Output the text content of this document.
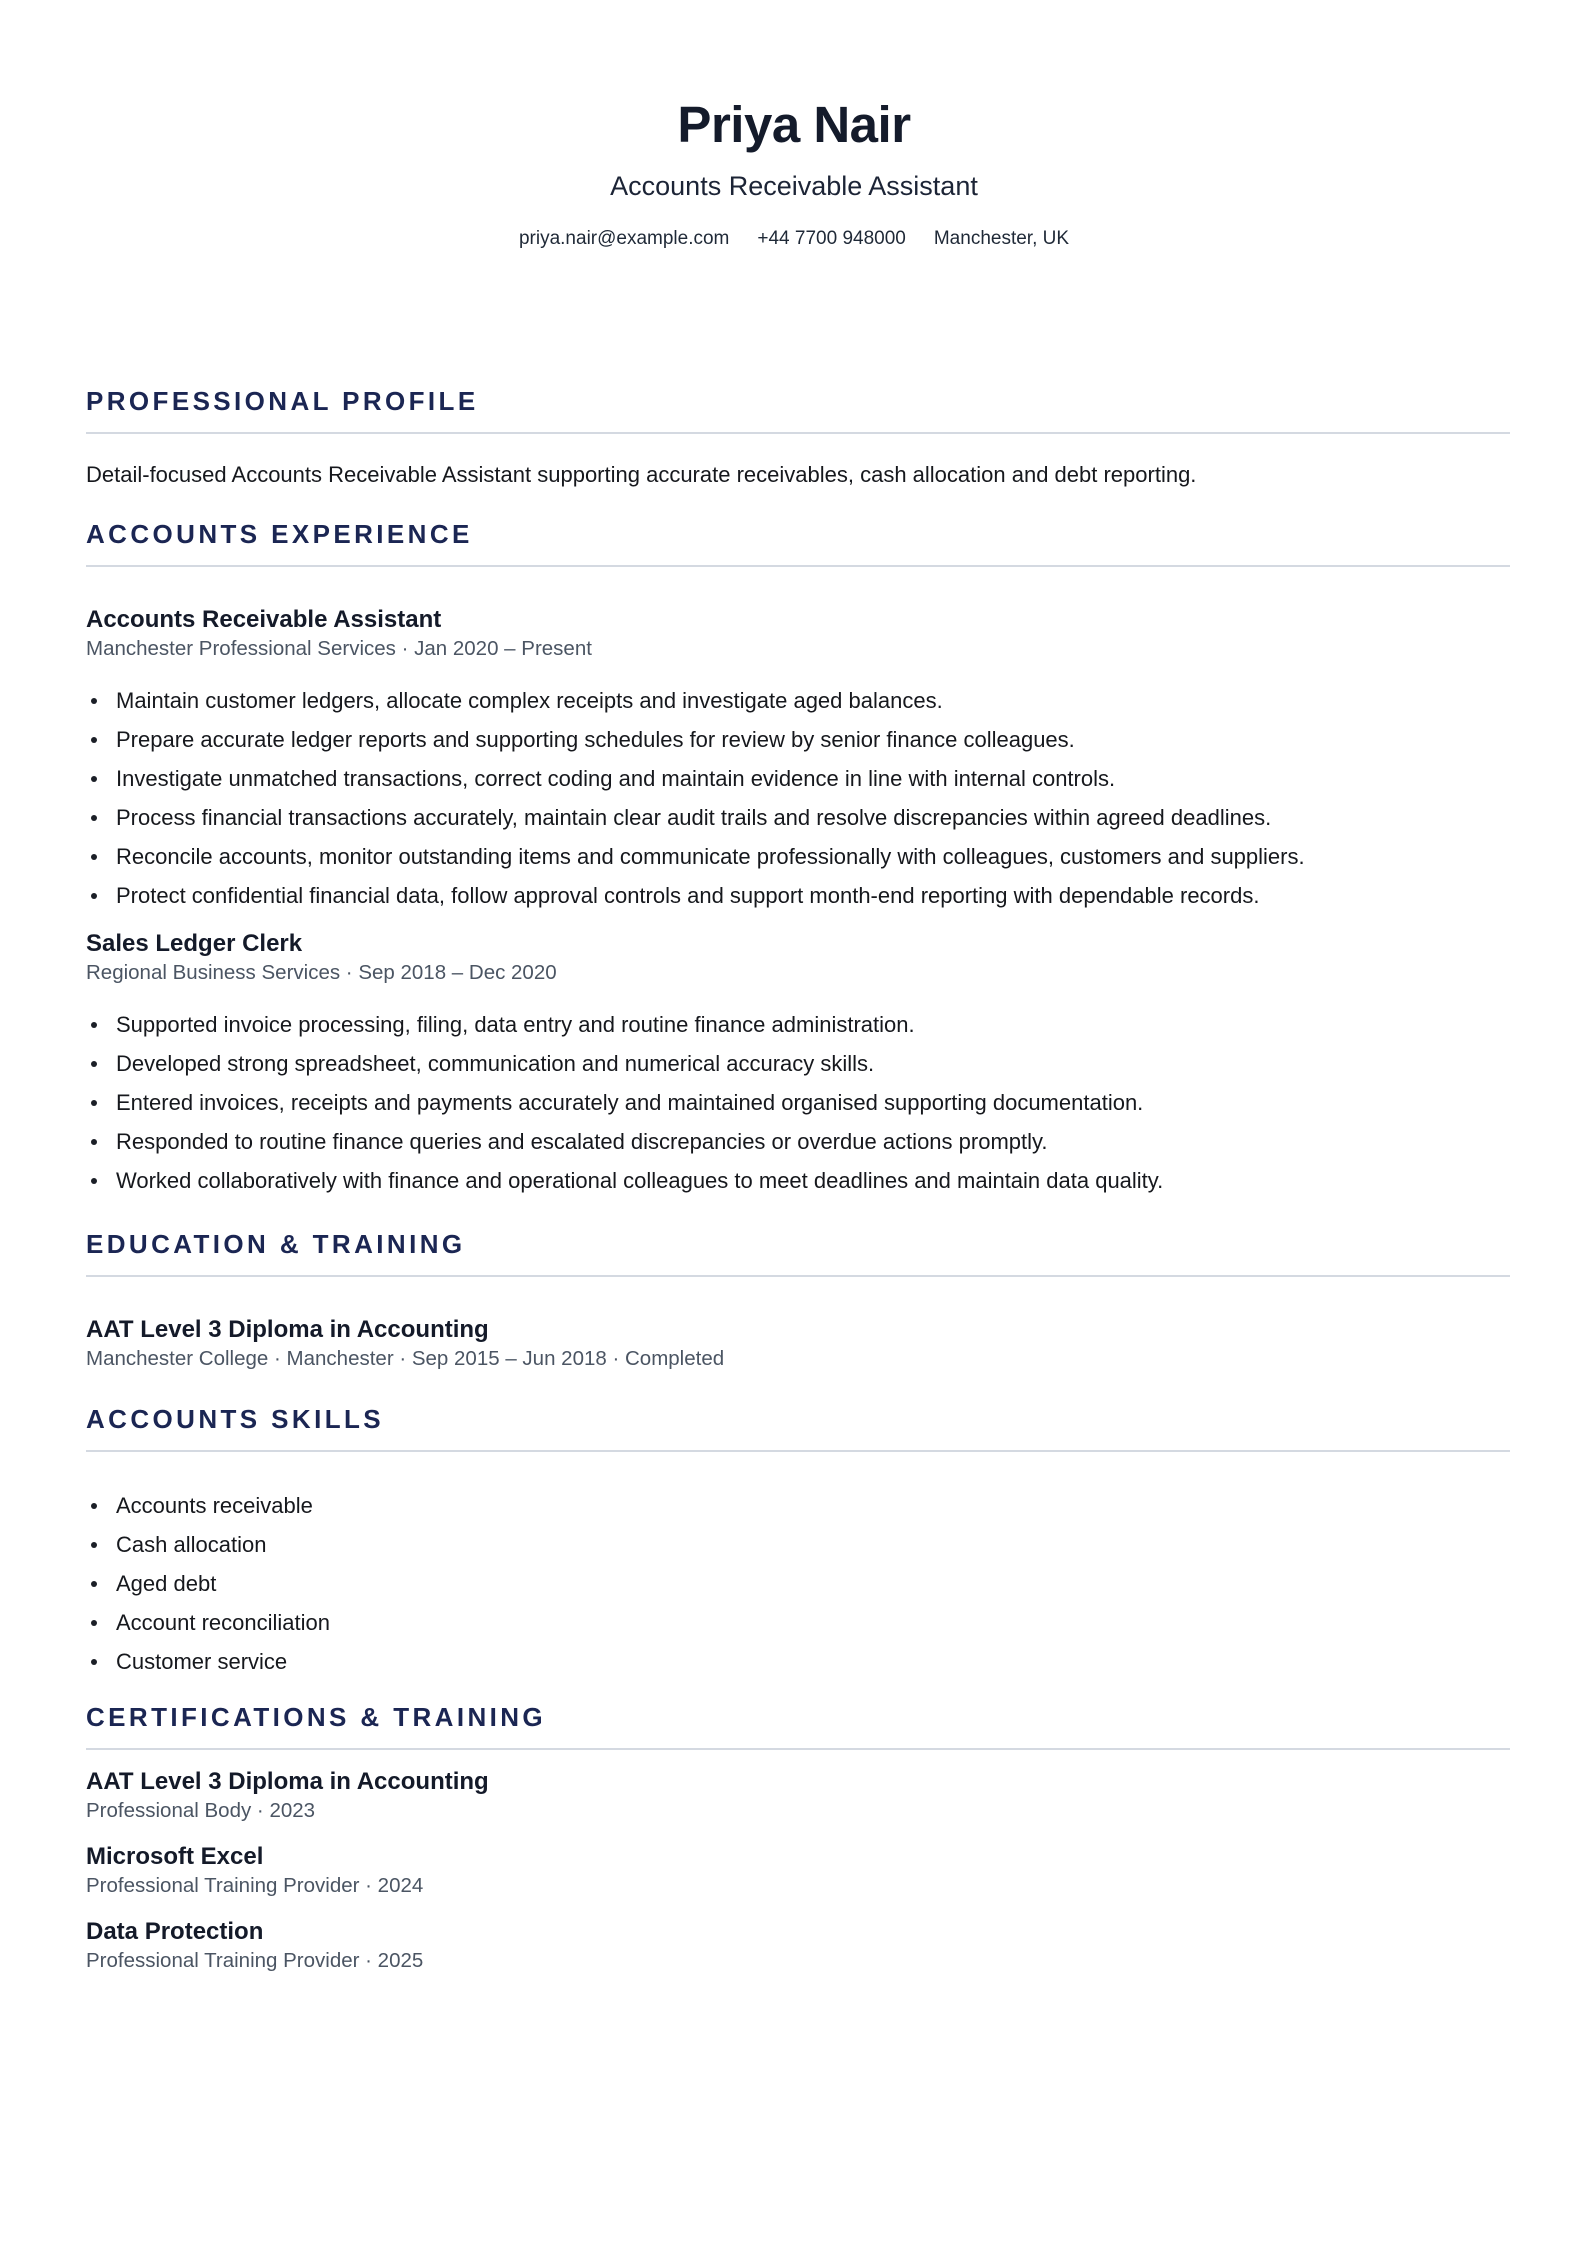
Priya Nair
Accounts Receivable Assistant
priya.nair@example.com +44 7700 948000 Manchester, UK
PROFESSIONAL PROFILE
Detail-focused Accounts Receivable Assistant supporting accurate receivables, cash allocation and debt reporting.
ACCOUNTS EXPERIENCE
Accounts Receivable Assistant
Manchester Professional Services · Jan 2020 – Present
Maintain customer ledgers, allocate complex receipts and investigate aged balances.
Prepare accurate ledger reports and supporting schedules for review by senior finance colleagues.
Investigate unmatched transactions, correct coding and maintain evidence in line with internal controls.
Process financial transactions accurately, maintain clear audit trails and resolve discrepancies within agreed deadlines.
Reconcile accounts, monitor outstanding items and communicate professionally with colleagues, customers and suppliers.
Protect confidential financial data, follow approval controls and support month-end reporting with dependable records.
Sales Ledger Clerk
Regional Business Services · Sep 2018 – Dec 2020
Supported invoice processing, filing, data entry and routine finance administration.
Developed strong spreadsheet, communication and numerical accuracy skills.
Entered invoices, receipts and payments accurately and maintained organised supporting documentation.
Responded to routine finance queries and escalated discrepancies or overdue actions promptly.
Worked collaboratively with finance and operational colleagues to meet deadlines and maintain data quality.
EDUCATION & TRAINING
AAT Level 3 Diploma in Accounting
Manchester College · Manchester · Sep 2015 – Jun 2018 · Completed
ACCOUNTS SKILLS
Accounts receivable
Cash allocation
Aged debt
Account reconciliation
Customer service
CERTIFICATIONS & TRAINING
AAT Level 3 Diploma in Accounting
Professional Body · 2023
Microsoft Excel
Professional Training Provider · 2024
Data Protection
Professional Training Provider · 2025
